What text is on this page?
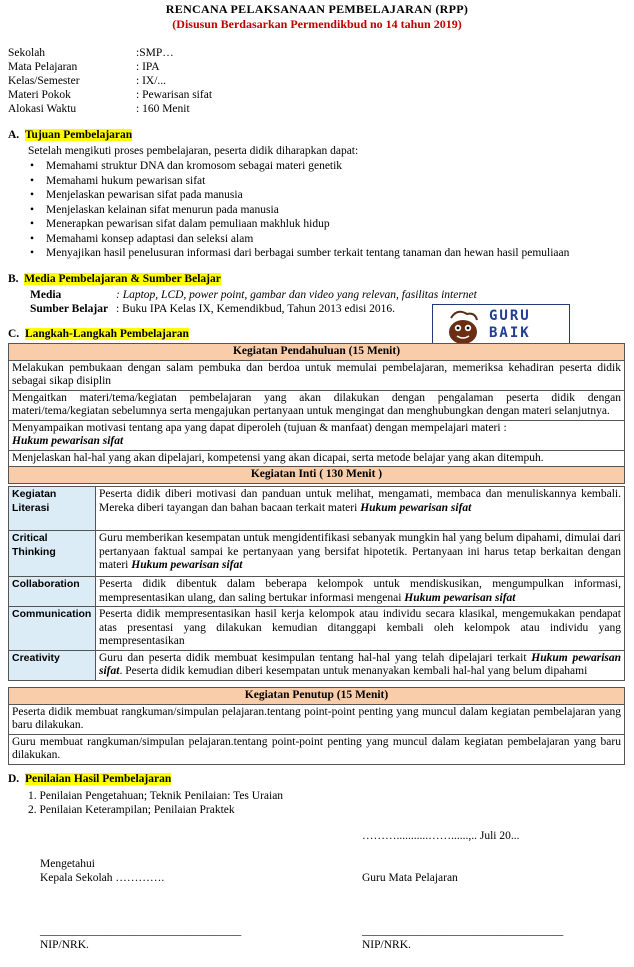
RENCANA PELAKSANAAN PEMBELAJARAN (RPP)
(Disusun Berdasarkan Permendikbud no 14 tahun 2019)
Sekolah	:SMP…
Mata Pelajaran	: IPA
Kelas/Semester	: IX/...
Materi Pokok	: Pewarisan sifat
Alokasi Waktu	: 160 Menit
A. Tujuan Pembelajaran
Setelah mengikuti proses pembelajaran, peserta didik diharapkan dapat:
• Memahami struktur DNA dan kromosom sebagai materi genetik
• Memahami hukum pewarisan sifat
• Menjelaskan pewarisan sifat pada manusia
• Menjelaskan kelainan sifat menurun pada manusia
• Menerapkan pewarisan sifat dalam pemuliaan makhluk hidup
• Memahami konsep adaptasi dan seleksi alam
• Menyajikan hasil penelusuran informasi dari berbagai sumber terkait tentang tanaman dan hewan hasil pemuliaan
B. Media Pembelajaran & Sumber Belajar
Media	: Laptop, LCD, power point, gambar dan video yang relevan, fasilitas internet
Sumber Belajar : Buku IPA Kelas IX, Kemendikbud, Tahun 2013 edisi 2016.	GURU
BAIK
C. Langkah-Langkah Pembelajaran
Kegiatan Pendahuluan (15 Menit)
Melakukan pembukaan dengan salam pembuka dan berdoa untuk memulai pembelajaran, memeriksa kehadiran peserta didik sebagai sikap disiplin
Mengaitkan materi/tema/kegiatan pembelajaran yang akan dilakukan dengan pengalaman peserta didik dengan materi/tema/kegiatan sebelumnya serta mengajukan pertanyaan untuk mengingat dan menghubungkan dengan materi selanjutnya.
Menyampaikan motivasi tentang apa yang dapat diperoleh (tujuan & manfaat) dengan mempelajari materi :
Hukum pewarisan sifat
Menjelaskan hal-hal yang akan dipelajari, kompetensi yang akan dicapai, serta metode belajar yang akan ditempuh.
Kegiatan Inti ( 130 Menit )
Kegiatan Literasi	Peserta didik diberi motivasi dan panduan untuk melihat, mengamati, membaca dan menuliskannya kembali. Mereka diberi tayangan dan bahan bacaan terkait materi Hukum pewarisan sifat
Critical Thinking	Guru memberikan kesempatan untuk mengidentifikasi sebanyak mungkin hal yang belum dipahami, dimulai dari pertanyaan faktual sampai ke pertanyaan yang bersifat hipotetik. Pertanyaan ini harus tetap berkaitan dengan materi Hukum pewarisan sifat
Collaboration	Peserta didik dibentuk dalam beberapa kelompok untuk mendiskusikan, mengumpulkan informasi, mempresentasikan ulang, dan saling bertukar informasi mengenai Hukum pewarisan sifat
Communication	Peserta didik mempresentasikan hasil kerja kelompok atau individu secara klasikal, mengemukakan pendapat atas presentasi yang dilakukan kemudian ditanggapi kembali oleh kelompok atau individu yang mempresentasikan
Creativity	Guru dan peserta didik membuat kesimpulan tentang hal-hal yang telah dipelajari terkait Hukum pewarisan sifat. Peserta didik kemudian diberi kesempatan untuk menanyakan kembali hal-hal yang belum dipahami
Kegiatan Penutup (15 Menit)
Peserta didik membuat rangkuman/simpulan pelajaran.tentang point-point penting yang muncul dalam kegiatan pembelajaran yang baru dilakukan.
Guru membuat rangkuman/simpulan pelajaran.tentang point-point penting yang muncul dalam kegiatan pembelajaran yang baru dilakukan.
D. Penilaian Hasil Pembelajaran
1. Penilaian Pengetahuan; Teknik Penilaian: Tes Uraian
2. Penilaian Keterampilan; Penilaian Praktek
………...........……......,.. Juli 20...
Mengetahui
Kepala Sekolah ………….	Guru Mata Pelajaran
___________________________________	___________________________________
NIP/NRK.	NIP/NRK.
